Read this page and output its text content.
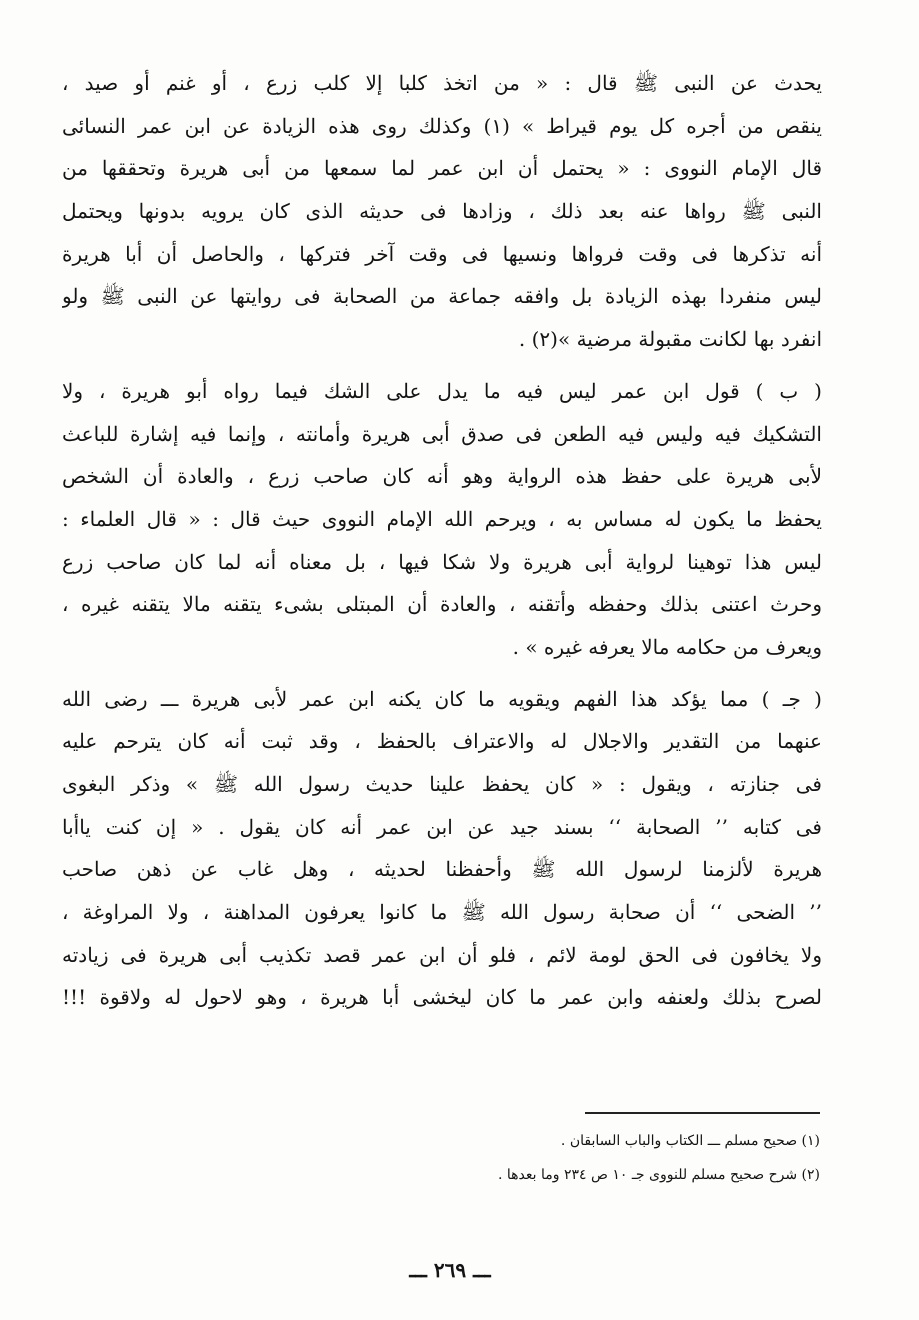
يحدث عن النبى ﷺ قال : « من اتخذ كلبا إلا كلب زرع ، أو غنم أو صيد ،
ينقص من أجره كل يوم قيراط » (١) وكذلك روى هذه الزيادة عن ابن عمر النسائى
قال الإمام النووى : « يحتمل أن ابن عمر لما سمعها من أبى هريرة وتحققها من
النبى ﷺ رواها عنه بعد ذلك ، وزادها فى حديثه الذى كان يرويه بدونها ويحتمل
أنه تذكرها فى وقت فرواها ونسيها فى وقت آخر فتركها ، والحاصل أن أبا هريرة
ليس منفردا بهذه الزيادة بل وافقه جماعة من الصحابة فى روايتها عن النبى ﷺ ولو
انفرد بها لكانت مقبولة مرضية »(٢) .
( ب ) قول ابن عمر ليس فيه ما يدل على الشك فيما رواه أبو هريرة ، ولا
التشكيك فيه وليس فيه الطعن فى صدق أبى هريرة وأمانته ، وإنما فيه إشارة للباعث
لأبى هريرة على حفظ هذه الرواية وهو أنه كان صاحب زرع ، والعادة أن الشخص
يحفظ ما يكون له مساس به ، ويرحم الله الإمام النووى حيث قال : « قال العلماء :
ليس هذا توهينا لرواية أبى هريرة ولا شكا فيها ، بل معناه أنه لما كان صاحب زرع
وحرث اعتنى بذلك وحفظه وأتقنه ، والعادة أن المبتلى بشىء يتقنه مالا يتقنه غيره ،
ويعرف من حكامه مالا يعرفه غيره » .
( جـ ) مما يؤكد هذا الفهم ويقويه ما كان يكنه ابن عمر لأبى هريرة ـــ رضى الله
عنهما من التقدير والاجلال له والاعتراف بالحفظ ، وقد ثبت أنه كان يترحم عليه
فى جنازته ، ويقول : « كان يحفظ علينا حديث رسول الله ﷺ » وذكر البغوى
فى كتابه ’’ الصحابة ‘‘ بسند جيد عن ابن عمر أنه كان يقول . « إن كنت ياأبا
هريرة لألزمنا لرسول الله ﷺ وأحفظنا لحديثه ، وهل غاب عن ذهن صاحب
’’ الضحى ‘‘ أن صحابة رسول الله ﷺ ما كانوا يعرفون المداهنة ، ولا المراوغة ،
ولا يخافون فى الحق لومة لائم ، فلو أن ابن عمر قصد تكذيب أبى هريرة فى زيادته
لصرح بذلك ولعنفه وابن عمر ما كان ليخشى أبا هريرة ، وهو لاحول له ولاقوة !!!
(١) صحيح مسلم ـــ الكتاب والباب السابقان .
(٢) شرح صحيح مسلم للنووى جـ ١٠ ص ٢٣٤ وما بعدها .
ـــ ٢٦٩ ـــ
